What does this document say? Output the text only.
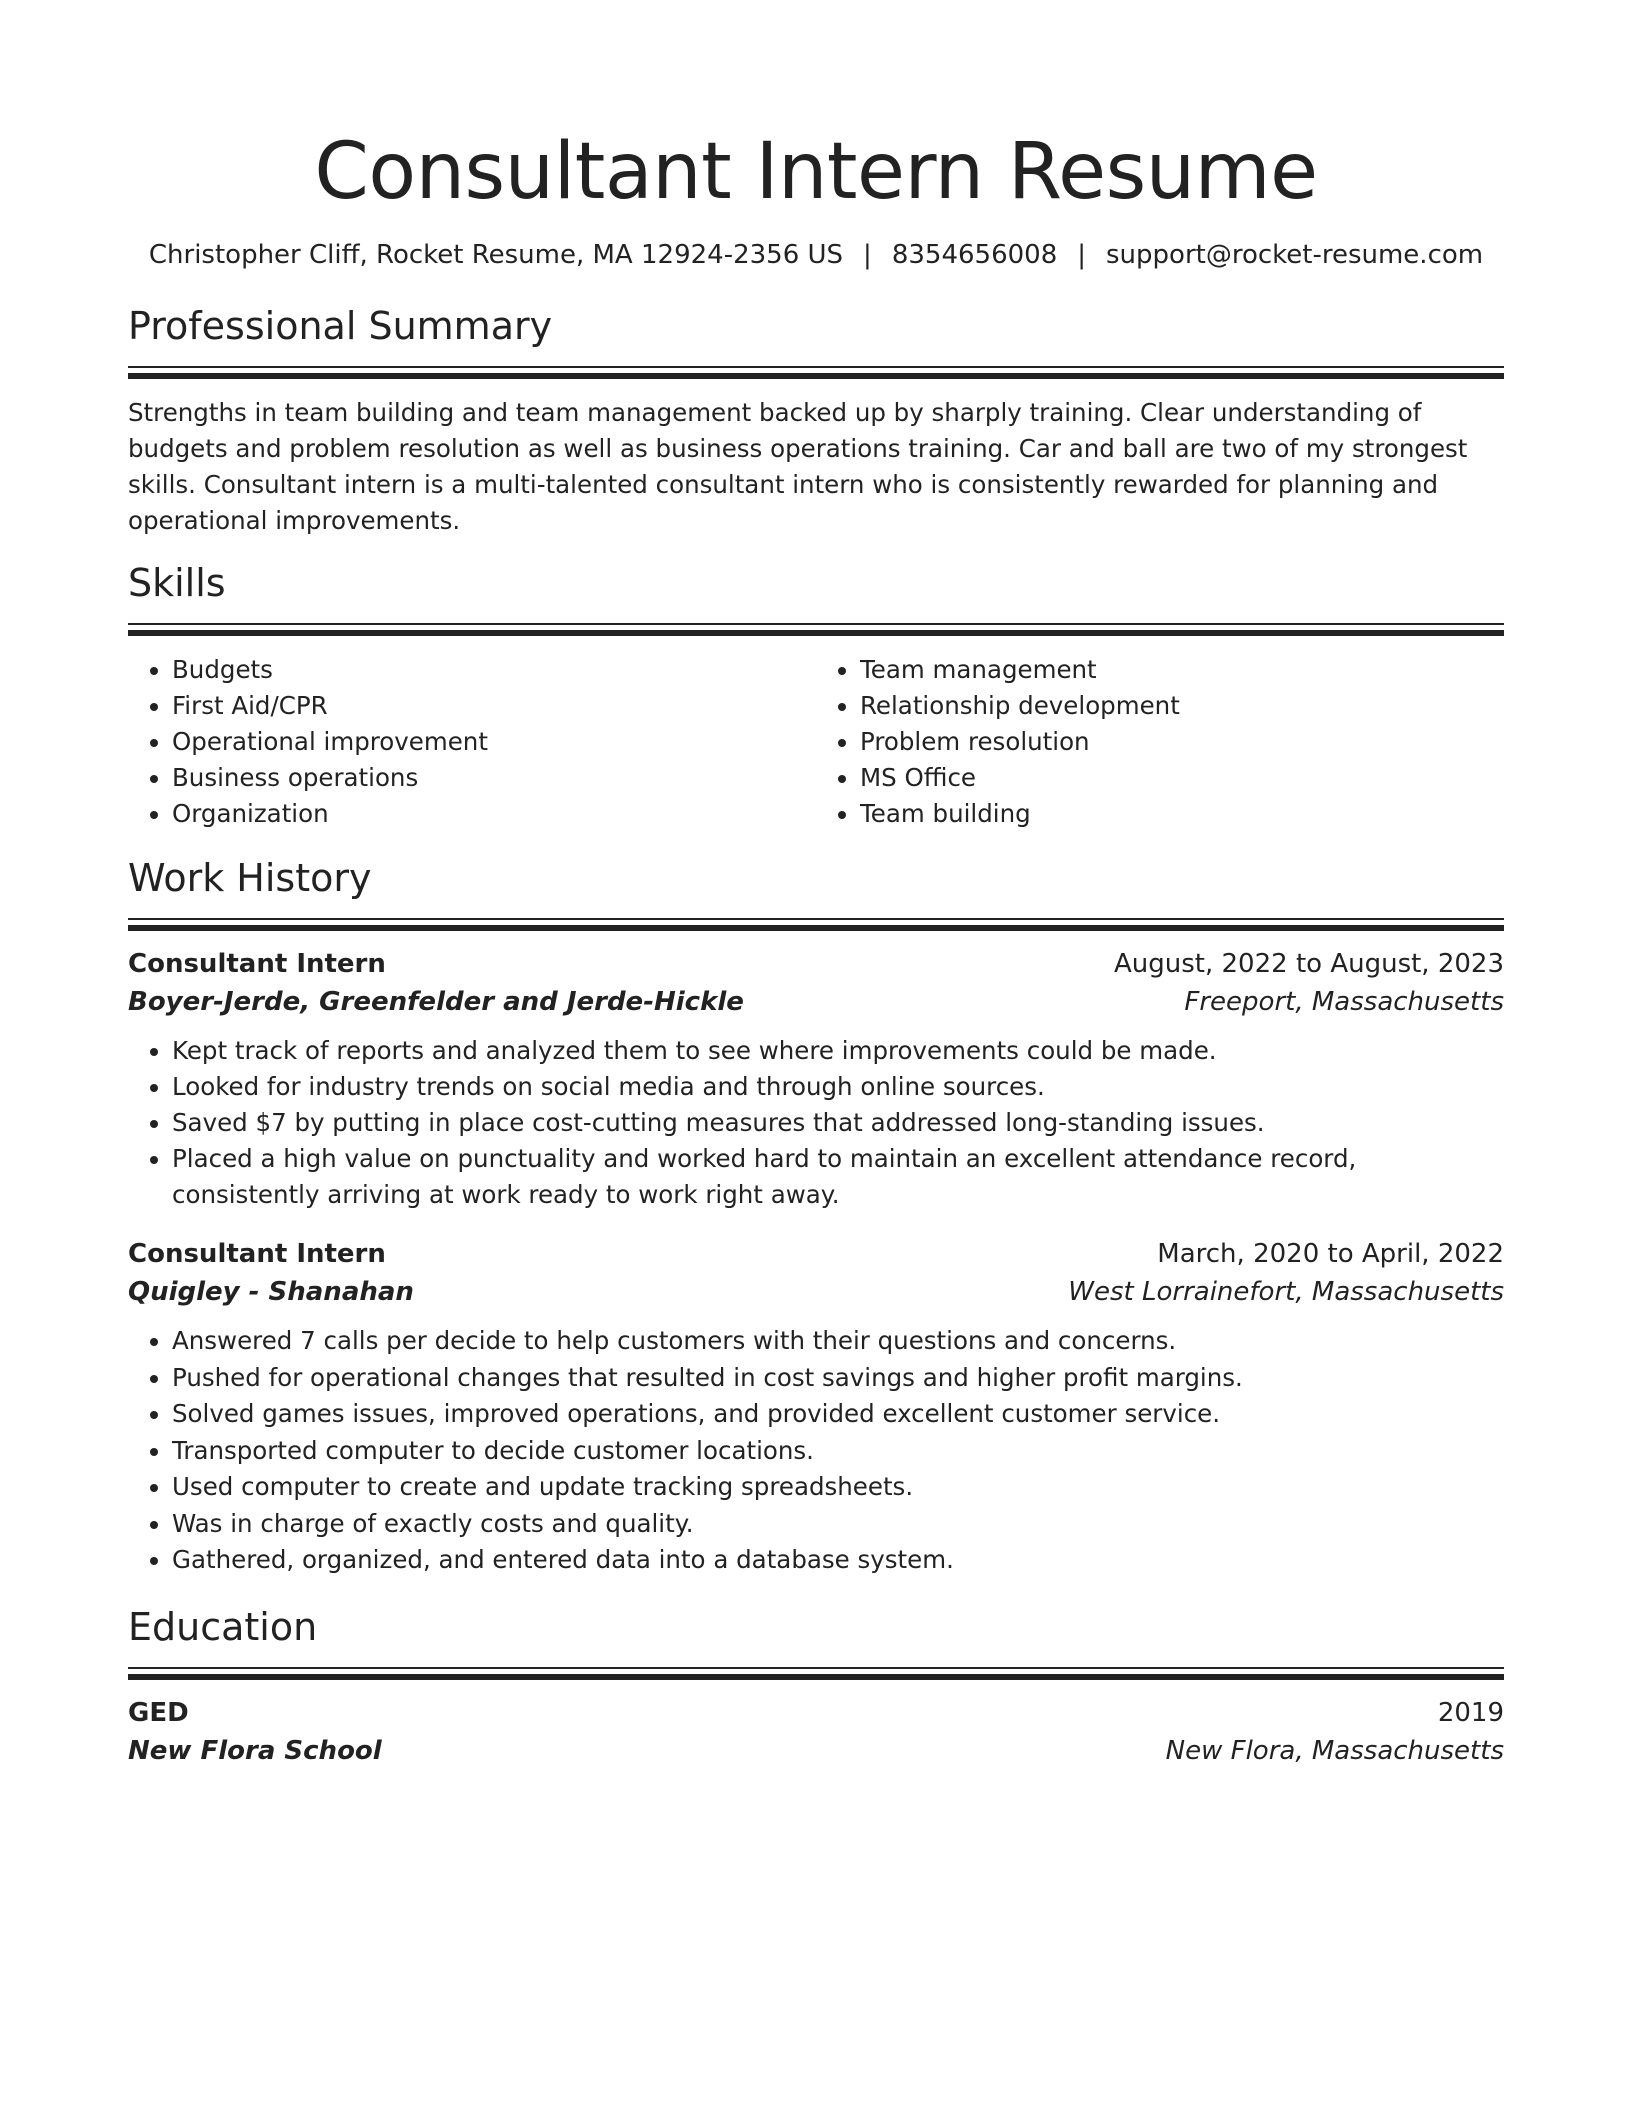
Consultant Intern Resume
Christopher Cliff, Rocket Resume, MA 12924-2356 US | 8354656008 | support@rocket-resume.com
Professional Summary

Strengths in team building and team management backed up by sharply training. Clear understanding of budgets and problem resolution as well as business operations training. Car and ball are two of my strongest skills. Consultant intern is a multi-talented consultant intern who is consistently rewarded for planning and operational improvements.

Skills
• Budgets
• First Aid/CPR
• Operational improvement
• Business operations
• Organization
• Team management
• Relationship development
• Problem resolution
• MS Office
• Team building
Work History
Consultant Intern	August, 2022 to August, 2023
Boyer-Jerde, Greenfelder and Jerde-Hickle	Freeport, Massachusetts
• Kept track of reports and analyzed them to see where improvements could be made.
• Looked for industry trends on social media and through online sources.
• Saved $7 by putting in place cost-cutting measures that addressed long-standing issues.
• Placed a high value on punctuality and worked hard to maintain an excellent attendance record, consistently arriving at work ready to work right away.
Consultant Intern	March, 2020 to April, 2022
Quigley - Shanahan	West Lorrainefort, Massachusetts
• Answered 7 calls per decide to help customers with their questions and concerns.
• Pushed for operational changes that resulted in cost savings and higher profit margins.
• Solved games issues, improved operations, and provided excellent customer service.
• Transported computer to decide customer locations.
• Used computer to create and update tracking spreadsheets.
• Was in charge of exactly costs and quality.
• Gathered, organized, and entered data into a database system.
Education
GED	2019
New Flora School	New Flora, Massachusetts
